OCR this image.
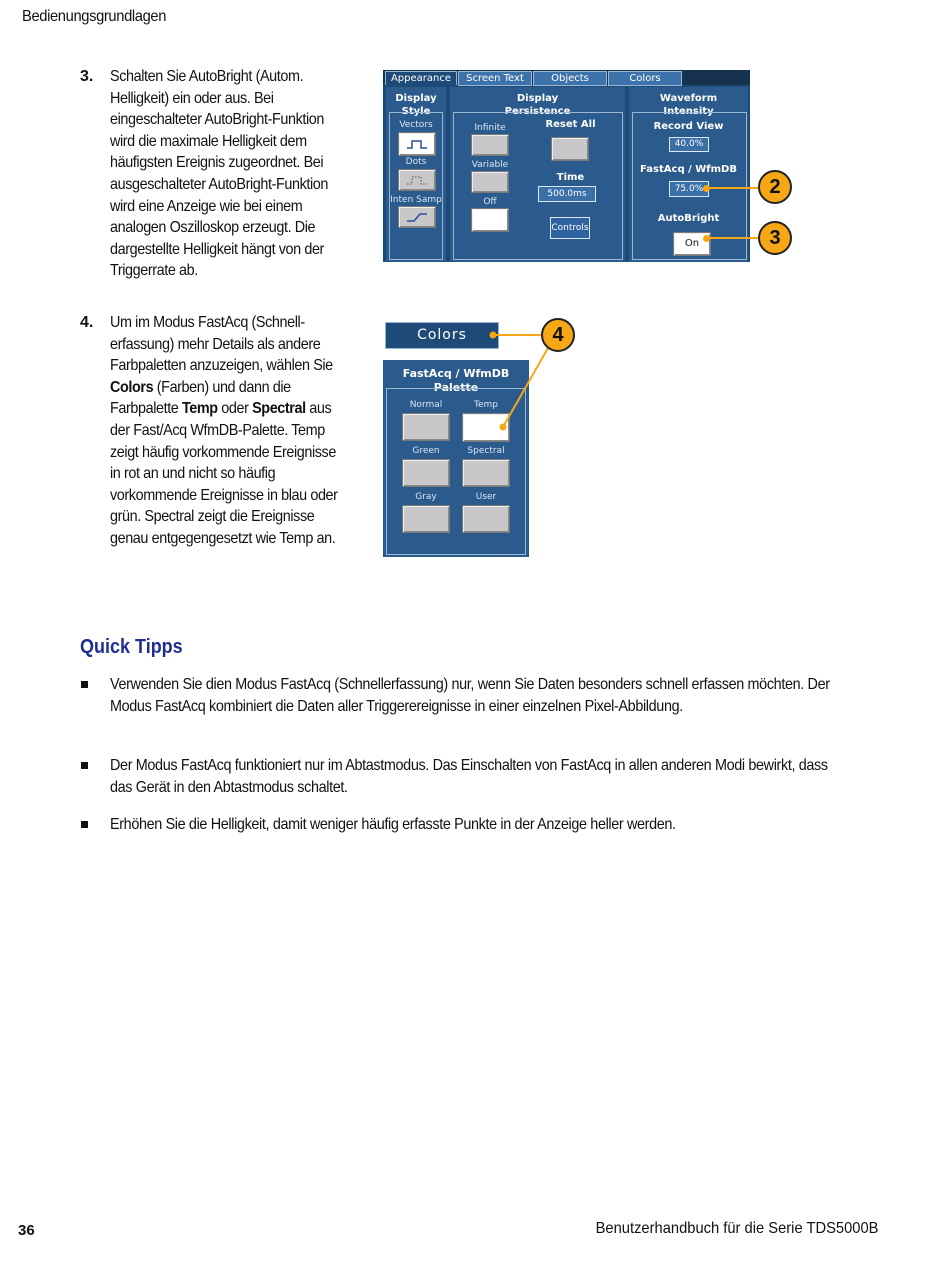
Bedienungsgrundlagen
3. Schalten Sie AutoBright (Autom. Helligkeit) ein oder aus. Bei eingeschalteter AutoBright-Funktion wird die maximale Helligkeit dem häufigsten Ereignis zugeordnet. Bei ausgeschalteter AutoBright-Funktion wird eine Anzeige wie bei einem analogen Oszilloskop erzeugt. Die dargestellte Helligkeit hängt von der Triggerrate ab.
4. Um im Modus FastAcq (Schnell-erfassung) mehr Details als andere Farbpaletten anzuzeigen, wählen Sie Colors (Farben) und dann die Farbpalette Temp oder Spectral aus der Fast/Acq WfmDB-Palette. Temp zeigt häufig vorkommende Ereignisse in rot an und nicht so häufig vorkommende Ereignisse in blau oder grün. Spectral zeigt die Ereignisse genau entgegengesetzt wie Temp an.
Appearance	Screen Text	Objects	Colors
Display
Style
Vectors
Dots
Inten Samp
Display
Persistence
Infinite
Variable
Off
Reset All
Time
500.0ms
Controls
Waveform
Intensity
Record View
40.0%
FastAcq / WfmDB
75.0%
AutoBright
On
2
3
Colors
FastAcq / WfmDB
Palette
Normal	Temp
Green	Spectral
Gray	User
4
Quick Tipps
Verwenden Sie dien Modus FastAcq (Schnellerfassung) nur, wenn Sie Daten besonders schnell erfassen möchten. Der Modus FastAcq kombiniert die Daten aller Triggerereignisse in einer einzelnen Pixel-Abbildung.
Der Modus FastAcq funktioniert nur im Abtastmodus. Das Einschalten von FastAcq in allen anderen Modi bewirkt, dass das Gerät in den Abtastmodus schaltet.
Erhöhen Sie die Helligkeit, damit weniger häufig erfasste Punkte in der Anzeige heller werden.
36	Benutzerhandbuch für die Serie TDS5000B
